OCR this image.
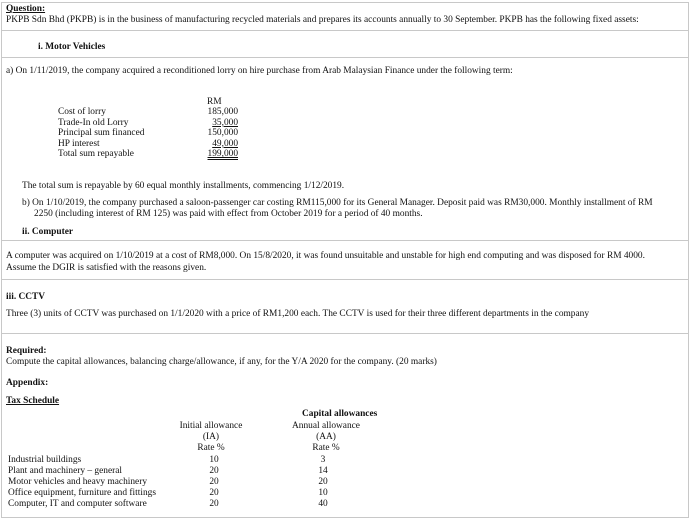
Question:
PKPB Sdn Bhd (PKPB) is in the business of manufacturing recycled materials and prepares its accounts annually to 30 September. PKPB has the following fixed assets:
i. Motor Vehicles
a) On 1/11/2019, the company acquired a reconditioned lorry on hire purchase from Arab Malaysian Finance under the following term:
RM
Cost of lorry	185,000
Trade-In old Lorry	35,000
Principal sum financed	150,000
HP interest	49,000
Total sum repayable	199,000
The total sum is repayable by 60 equal monthly installments, commencing 1/12/2019.
b) On 1/10/2019, the company purchased a saloon-passenger car costing RM115,000 for its General Manager. Deposit paid was RM30,000. Monthly installment of RM
2250 (including interest of RM 125) was paid with effect from October 2019 for a period of 40 months.
ii. Computer
A computer was acquired on 1/10/2019 at a cost of RM8,000. On 15/8/2020, it was found unsuitable and unstable for high end computing and was disposed for RM 4000.
Assume the DGIR is satisfied with the reasons given.
iii. CCTV
Three (3) units of CCTV was purchased on 1/1/2020 with a price of RM1,200 each. The CCTV is used for their three different departments in the company
Required:
Compute the capital allowances, balancing charge/allowance, if any, for the Y/A 2020 for the company. (20 marks)
Appendix:
Tax Schedule
Capital allowances
Initial allowance
(IA)
Rate %
Annual allowance
(AA)
Rate %
Industrial buildings	10	3
Plant and machinery – general	20	14
Motor vehicles and heavy machinery	20	20
Office equipment, furniture and fittings	20	10
Computer, IT and computer software	20	40
